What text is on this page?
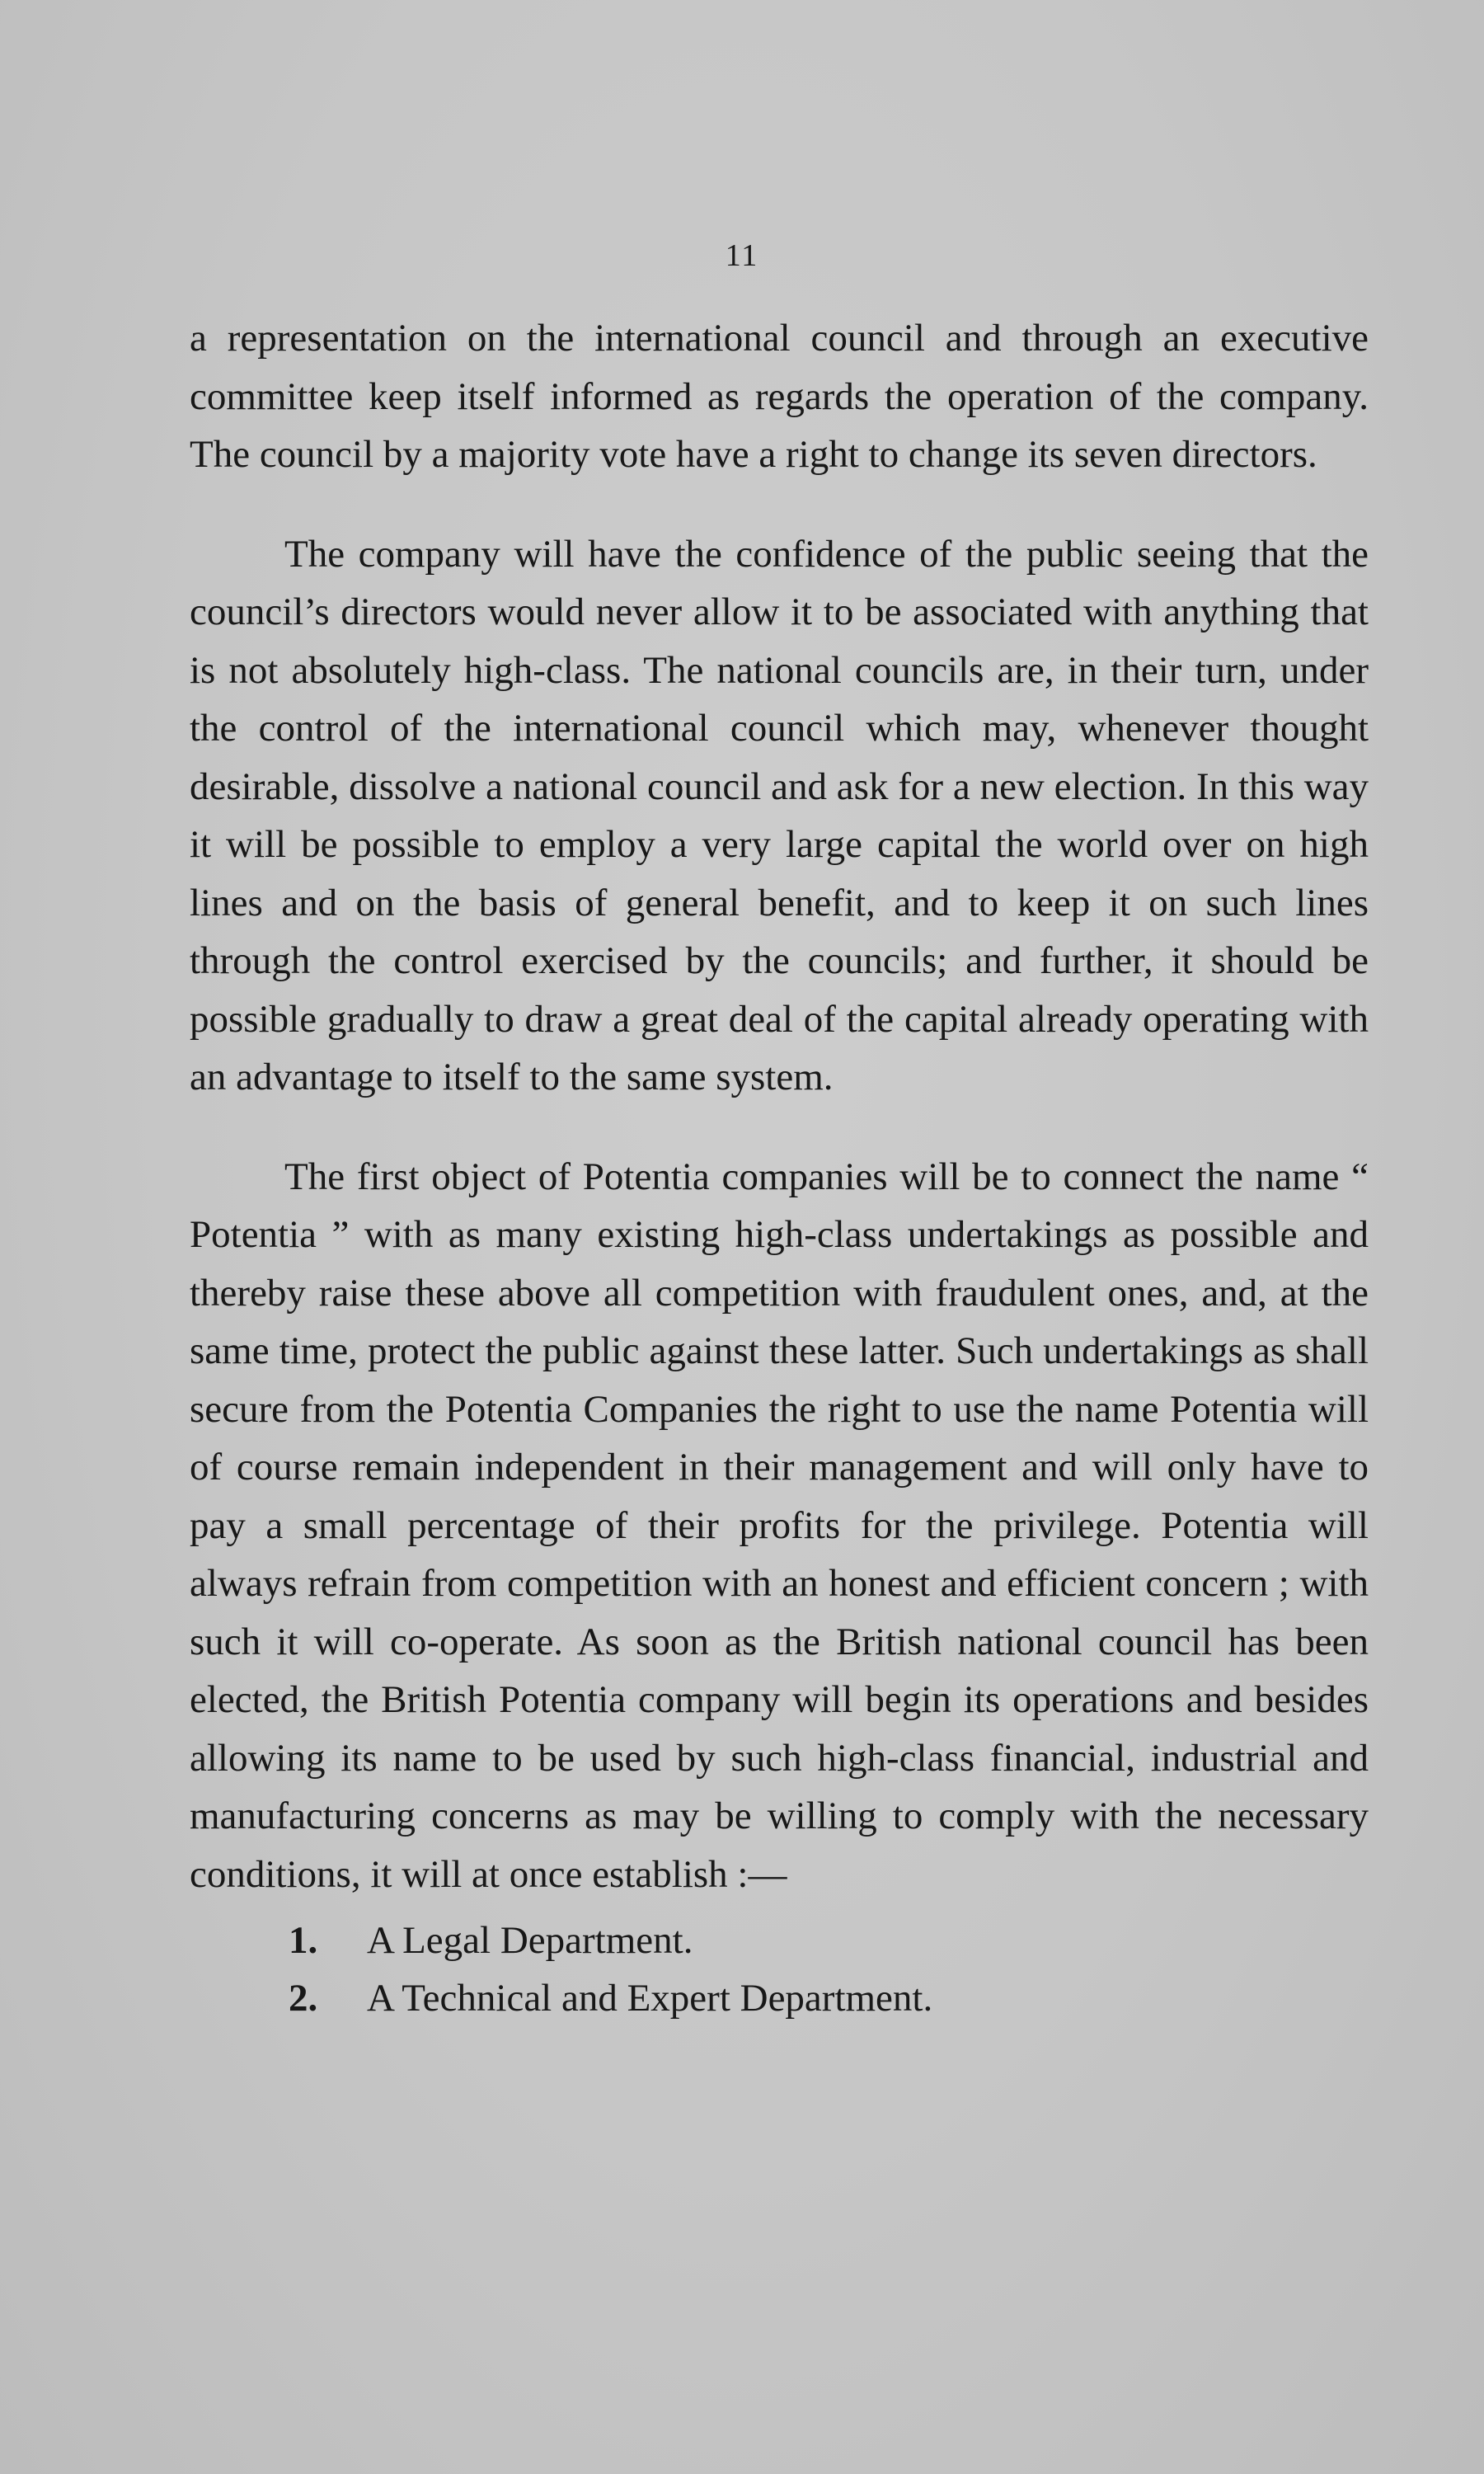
11

a representation on the international council and through an executive committee keep itself informed as regards the operation of the company. The council by a majority vote have a right to change its seven directors.

The company will have the confidence of the public seeing that the council’s directors would never allow it to be associated with anything that is not absolutely high-class. The national councils are, in their turn, under the control of the international council which may, whenever thought desirable, dissolve a national council and ask for a new election. In this way it will be possible to employ a very large capital the world over on high lines and on the basis of general benefit, and to keep it on such lines through the control exercised by the councils; and further, it should be possible gradually to draw a great deal of the capital already operating with an advantage to itself to the same system.

The first object of Potentia companies will be to connect the name “ Potentia ” with as many existing high-class undertakings as possible and thereby raise these above all competition with fraudulent ones, and, at the same time, protect the public against these latter. Such undertakings as shall secure from the Potentia Companies the right to use the name Potentia will of course remain independent in their management and will only have to pay a small percentage of their profits for the privilege. Potentia will always refrain from competition with an honest and efficient concern ; with such it will co-operate. As soon as the British national council has been elected, the British Potentia company will begin its operations and besides allowing its name to be used by such high-class financial, industrial and manufacturing concerns as may be willing to comply with the necessary conditions, it will at once establish :—

1.	A Legal Department.
2.	A Technical and Expert Department.
